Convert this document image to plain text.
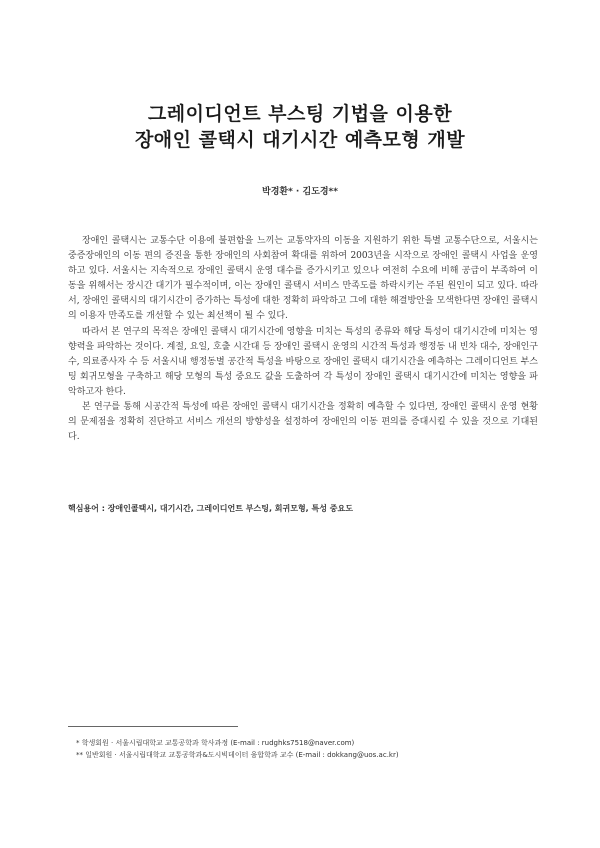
그레이디언트 부스팅 기법을 이용한
장애인 콜택시 대기시간 예측모형 개발
박경환* · 김도경**

장애인 콜택시는 교통수단 이용에 불편함을 느끼는 교통약자의 이동을 지원하기 위한 특별 교통수단으로, 서울시는 중증장애인의 이동 편의 증진을 통한 장애인의 사회참여 확대를 위하여 2003년을 시작으로 장애인 콜택시 사업을 운영하고 있다. 서울시는 지속적으로 장애인 콜택시 운영 대수를 증가시키고 있으나 여전히 수요에 비해 공급이 부족하여 이동을 위해서는 장시간 대기가 필수적이며, 이는 장애인 콜택시 서비스 만족도를 하락시키는 주된 원인이 되고 있다. 따라서, 장애인 콜택시의 대기시간이 증가하는 특성에 대한 정확히 파악하고 그에 대한 해결방안을 모색한다면 장애인 콜택시의 이용자 만족도를 개선할 수 있는 최선책이 될 수 있다.

따라서 본 연구의 목적은 장애인 콜택시 대기시간에 영향을 미치는 특성의 종류와 해당 특성이 대기시간에 미치는 영향력을 파악하는 것이다. 계절, 요일, 호출 시간대 등 장애인 콜택시 운영의 시간적 특성과 행정동 내 빈차 대수, 장애인구 수, 의료종사자 수 등 서울시내 행정동별 공간적 특성을 바탕으로 장애인 콜택시 대기시간을 예측하는 그레이디언트 부스팅 회귀모형을 구축하고 해당 모형의 특성 중요도 값을 도출하여 각 특성이 장애인 콜택시 대기시간에 미치는 영향을 파악하고자 한다.

본 연구를 통해 시공간적 특성에 따른 장애인 콜택시 대기시간을 정확히 예측할 수 있다면, 장애인 콜택시 운영 현황의 문제점을 정확히 진단하고 서비스 개선의 방향성을 설정하여 장애인의 이동 편의를 증대시킬 수 있을 것으로 기대된다.

핵심용어 : 장애인콜택시, 대기시간, 그레이디언트 부스팅, 회귀모형, 특성 중요도
* 학생회원 · 서울시립대학교 교통공학과 학사과정 (E-mail : rudghks7518@naver.com)
** 일반회원 · 서울시립대학교 교통공학과&도시빅데이터 융합학과 교수 (E-mail : dokkang@uos.ac.kr)
